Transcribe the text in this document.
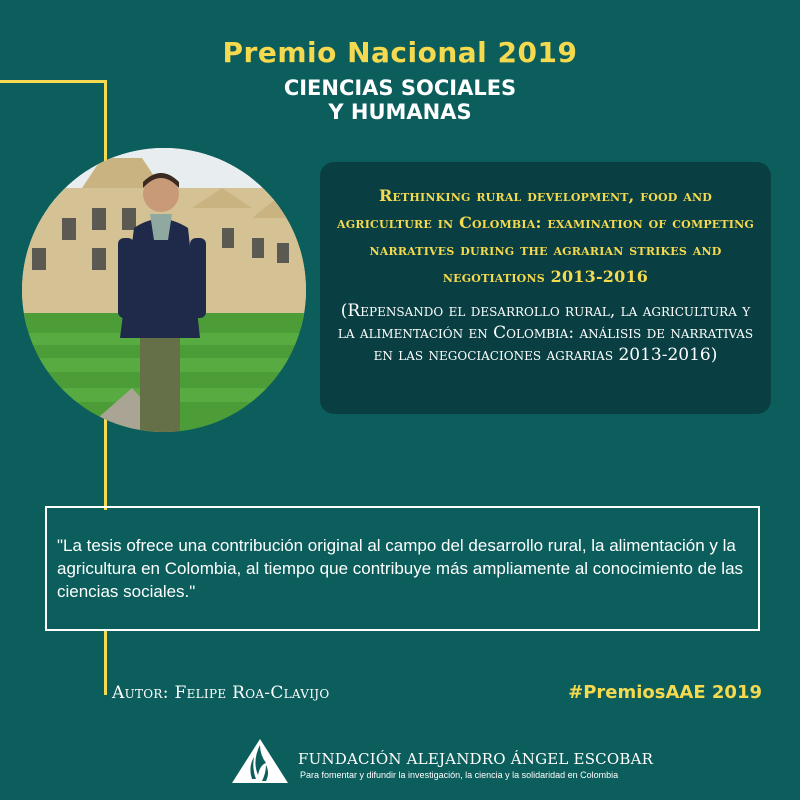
Premio Nacional 2019
CIENCIAS SOCIALES
Y HUMANAS
Rethinking rural development, food and agriculture in Colombia: examination of competing narratives during the agrarian strikes and negotiations 2013-2016
(Repensando el desarrollo rural, la agricultura y la alimentación en Colombia: análisis de narrativas en las negociaciones agrarias 2013-2016)
"La tesis ofrece una contribución original al campo del desarrollo rural, la alimentación y la agricultura en Colombia, al tiempo que contribuye más ampliamente al conocimiento de las ciencias sociales."
Autor: Felipe Roa-Clavijo	#PremiosAAE 2019
FUNDACIÓN ALEJANDRO ÁNGEL ESCOBAR
Para fomentar y difundir la investigación, la ciencia y la solidaridad en Colombia
